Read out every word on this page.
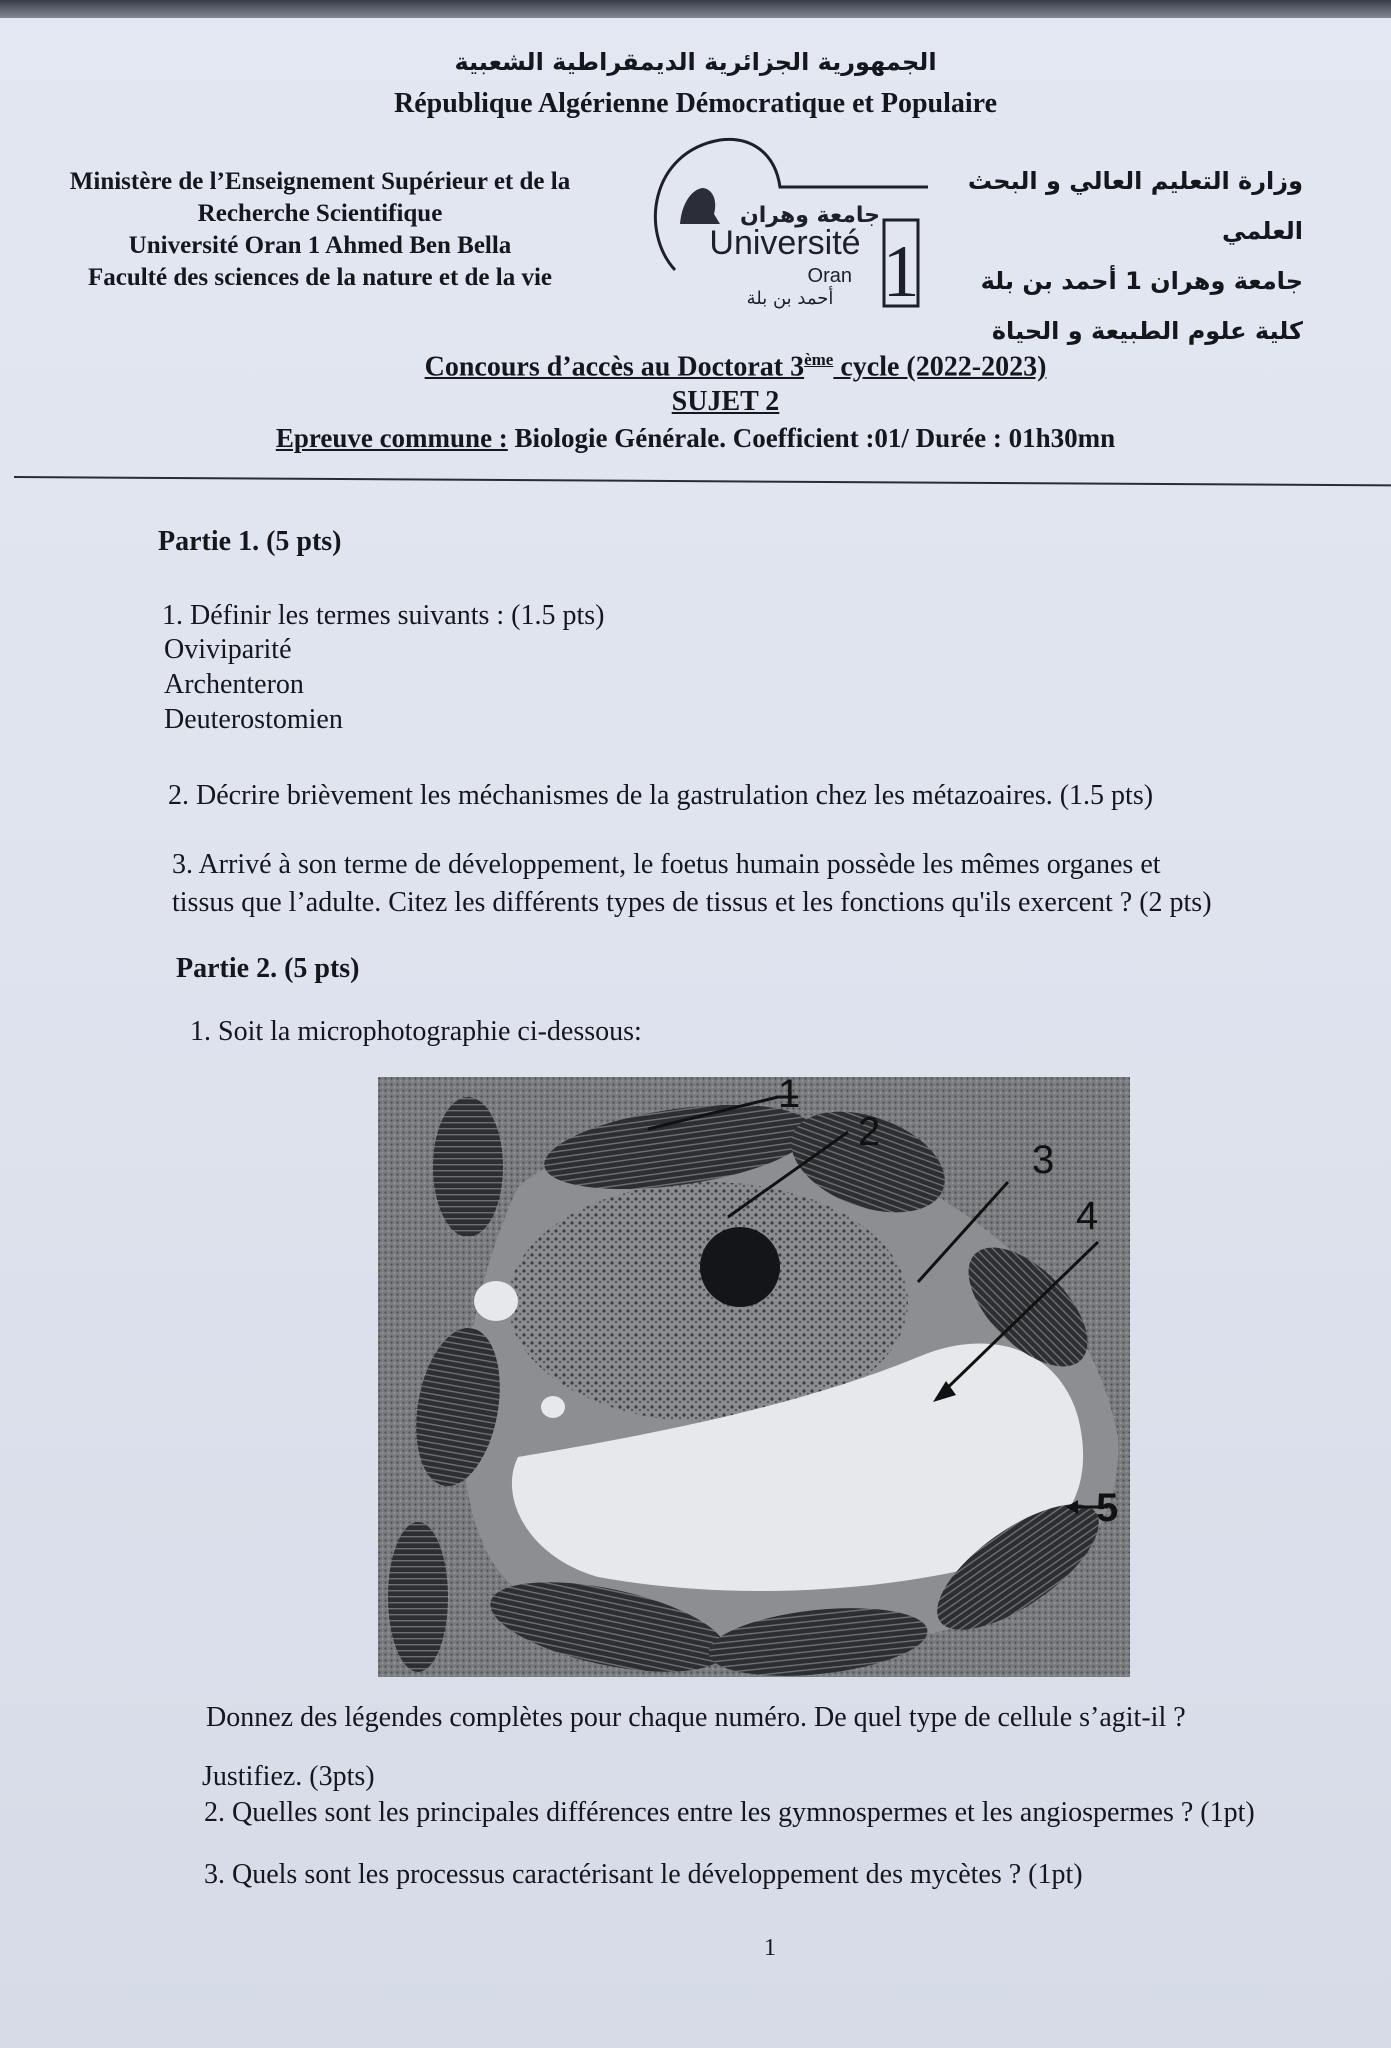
الجمهورية الجزائرية الديمقراطية الشعبية
République Algérienne Démocratique et Populaire
Ministère de l’Enseignement Supérieur et de la
Recherche Scientifique
Université Oran 1 Ahmed Ben Bella
Faculté des sciences de la nature et de la vie
وزارة التعليم العالي و البحث العلمي
جامعة وهران 1 أحمد بن بلة
كلية علوم الطبيعة و الحياة
جامعة وهران
Université
Oran 1
أحمد بن بلة
Concours d’accès au Doctorat 3ème cycle (2022-2023)
SUJET 2
Epreuve commune : Biologie Générale. Coefficient :01/ Durée : 01h30mn
Partie 1. (5 pts)
1. Définir les termes suivants : (1.5 pts)
Oviviparité
Archenteron
Deuterostomien
2. Décrire brièvement les méchanismes de la gastrulation chez les métazoaires. (1.5 pts)
3. Arrivé à son terme de développement, le foetus humain possède les mêmes organes et
tissus que l’adulte. Citez les différents types de tissus et les fonctions qu'ils exercent ? (2 pts)
Partie 2. (5 pts)
1. Soit la microphotographie ci-dessous:
1
2
3
4
5
Donnez des légendes complètes pour chaque numéro. De quel type de cellule s’agit-il ?
Justifiez. (3pts)
2. Quelles sont les principales différences entre les gymnospermes et les angiospermes ? (1pt)
3. Quels sont les processus caractérisant le développement des mycètes ? (1pt)
1
